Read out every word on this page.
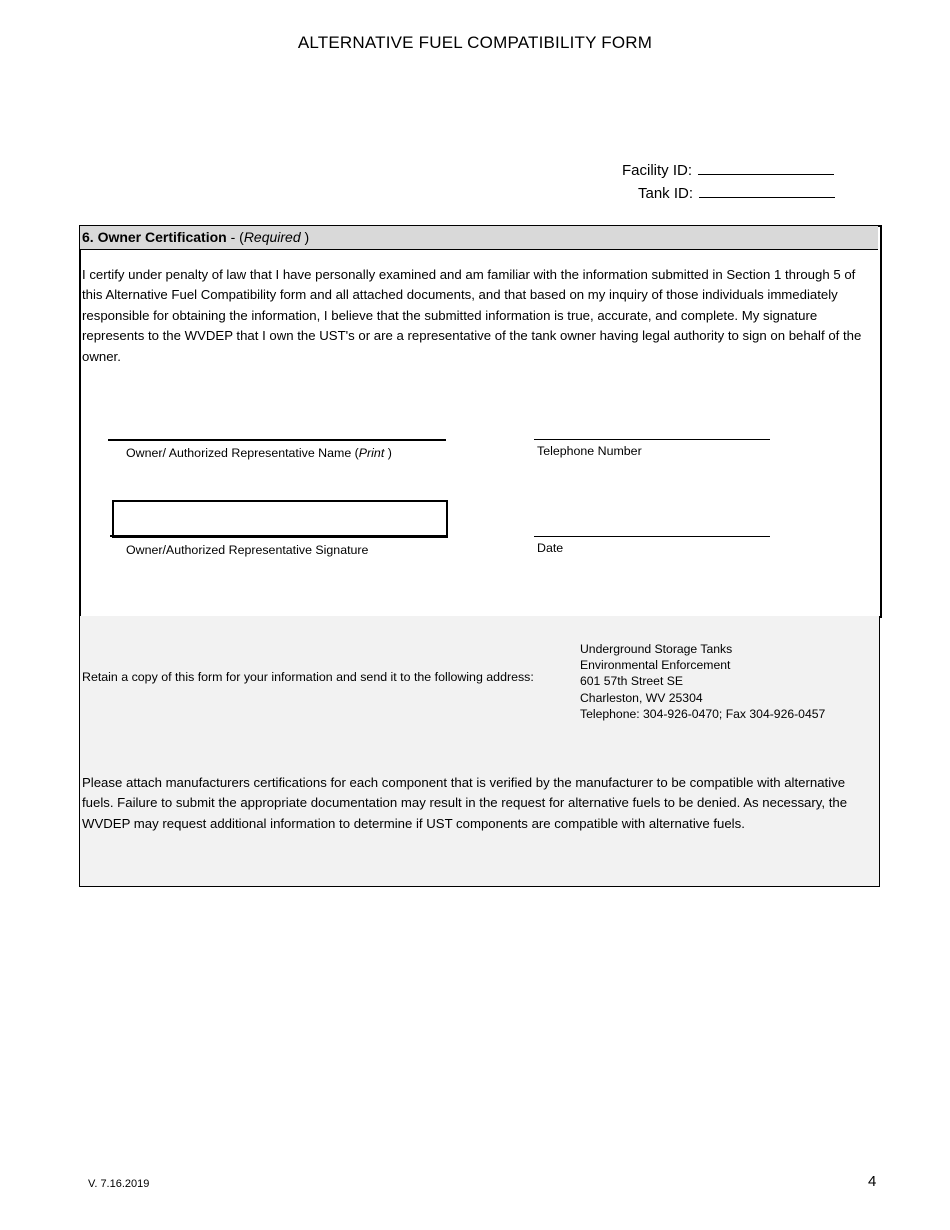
ALTERNATIVE FUEL COMPATIBILITY FORM
Facility ID:
Tank ID:
6. Owner Certification - (Required )
I certify under penalty of law that I have personally examined and am familiar with the information submitted in Section 1 through 5 of this Alternative Fuel Compatibility form and all attached documents, and that based on my inquiry of those individuals immediately responsible for obtaining the information, I believe that the submitted information is true, accurate, and complete. My signature represents to the WVDEP that I own the UST's or are a representative of the tank owner having legal authority to sign on behalf of the owner.
Owner/ Authorized Representative Name (Print )	Telephone Number
Owner/Authorized Representative Signature	Date
Retain a copy of this form for your information and send it to the following address:
Underground Storage Tanks
Environmental Enforcement
601 57th Street SE
Charleston, WV 25304
Telephone: 304-926-0470; Fax 304-926-0457
Please attach manufacturers certifications for each component that is verified by the manufacturer to be compatible with alternative fuels. Failure to submit the appropriate documentation may result in the request for alternative fuels to be denied. As necessary, the WVDEP may request additional information to determine if UST components are compatible with alternative fuels.
V. 7.16.2019	4
